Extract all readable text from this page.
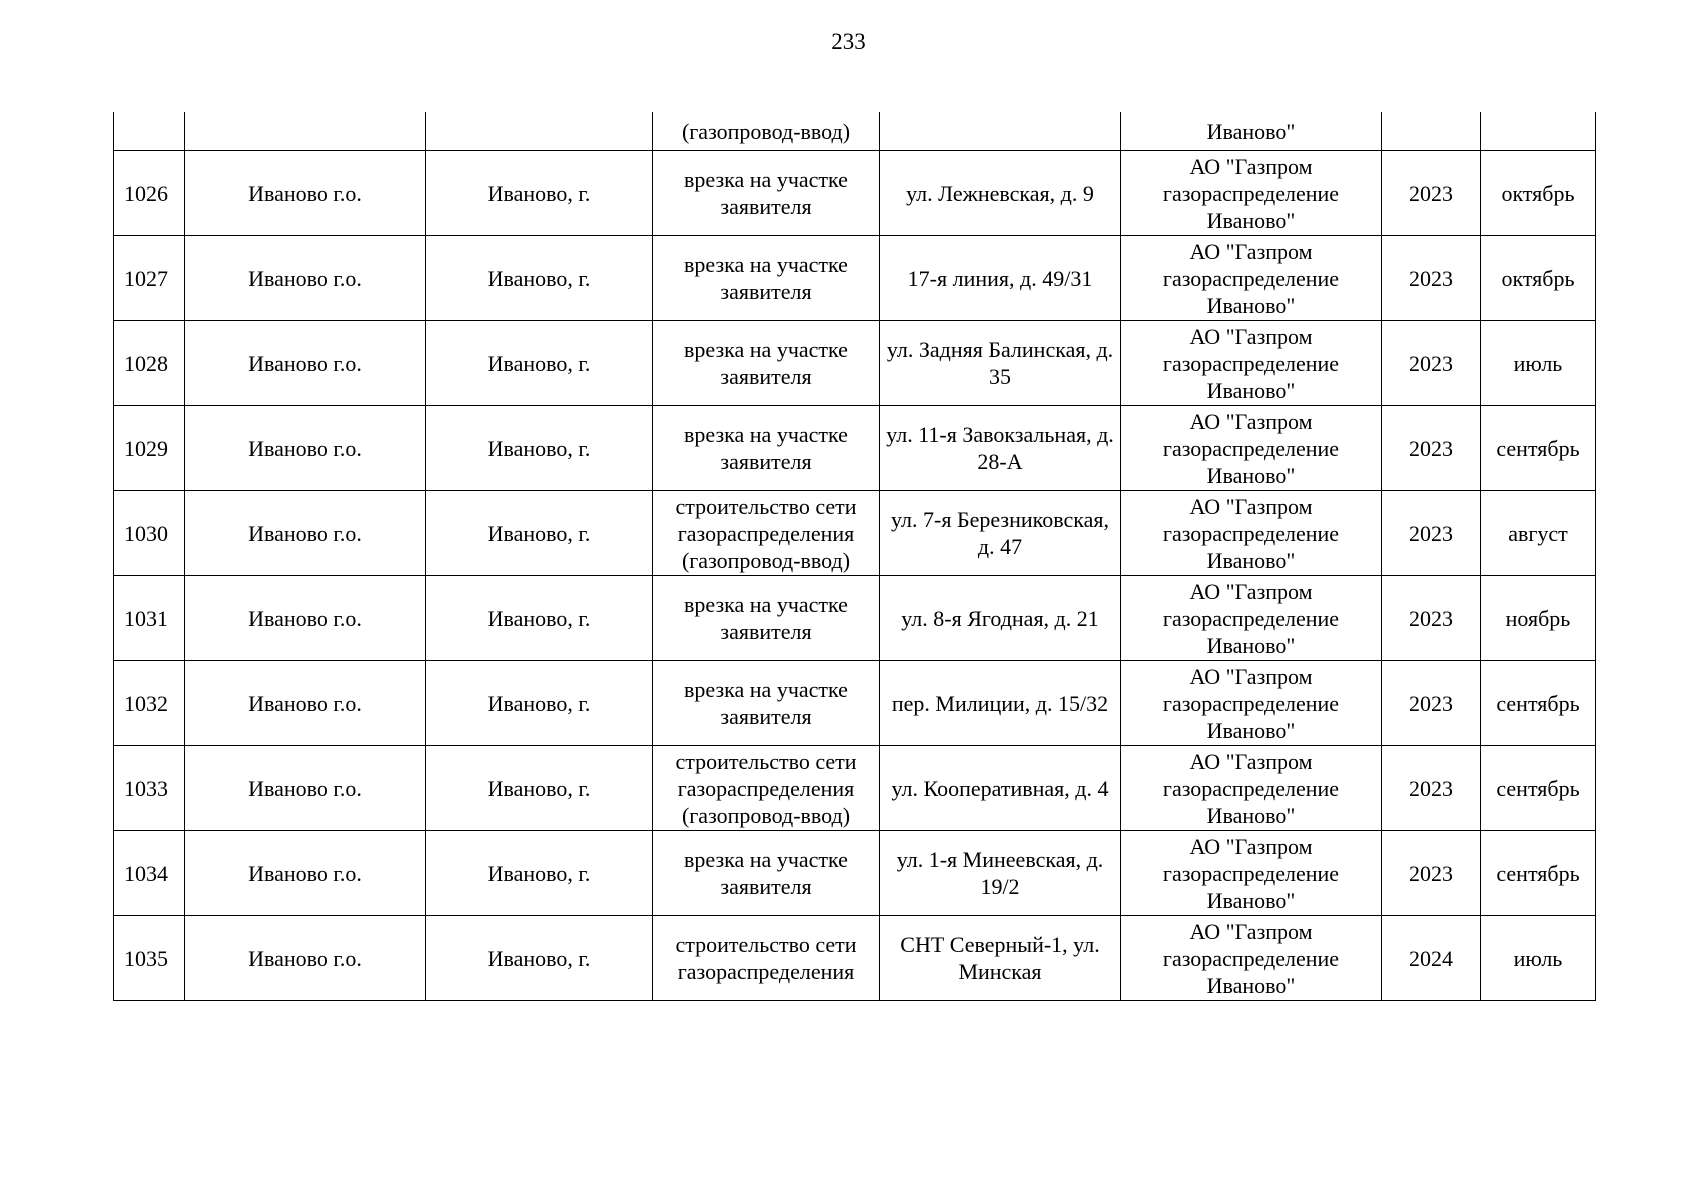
233
			(газопровод-ввод)		Иваново"		
1026	Иваново г.о.	Иваново, г.	врезка на участке заявителя	ул. Лежневская, д. 9	АО "Газпром газораспределение Иваново"	2023	октябрь
1027	Иваново г.о.	Иваново, г.	врезка на участке заявителя	17-я линия, д. 49/31	АО "Газпром газораспределение Иваново"	2023	октябрь
1028	Иваново г.о.	Иваново, г.	врезка на участке заявителя	ул. Задняя Балинская, д. 35	АО "Газпром газораспределение Иваново"	2023	июль
1029	Иваново г.о.	Иваново, г.	врезка на участке заявителя	ул. 11-я Завокзальная, д. 28-А	АО "Газпром газораспределение Иваново"	2023	сентябрь
1030	Иваново г.о.	Иваново, г.	строительство сети газораспределения (газопровод-ввод)	ул. 7-я Березниковская, д. 47	АО "Газпром газораспределение Иваново"	2023	август
1031	Иваново г.о.	Иваново, г.	врезка на участке заявителя	ул. 8-я Ягодная, д. 21	АО "Газпром газораспределение Иваново"	2023	ноябрь
1032	Иваново г.о.	Иваново, г.	врезка на участке заявителя	пер. Милиции, д. 15/32	АО "Газпром газораспределение Иваново"	2023	сентябрь
1033	Иваново г.о.	Иваново, г.	строительство сети газораспределения (газопровод-ввод)	ул. Кооперативная, д. 4	АО "Газпром газораспределение Иваново"	2023	сентябрь
1034	Иваново г.о.	Иваново, г.	врезка на участке заявителя	ул. 1-я Минеевская, д. 19/2	АО "Газпром газораспределение Иваново"	2023	сентябрь
1035	Иваново г.о.	Иваново, г.	строительство сети газораспределения	СНТ Северный-1, ул. Минская	АО "Газпром газораспределение Иваново"	2024	июль
